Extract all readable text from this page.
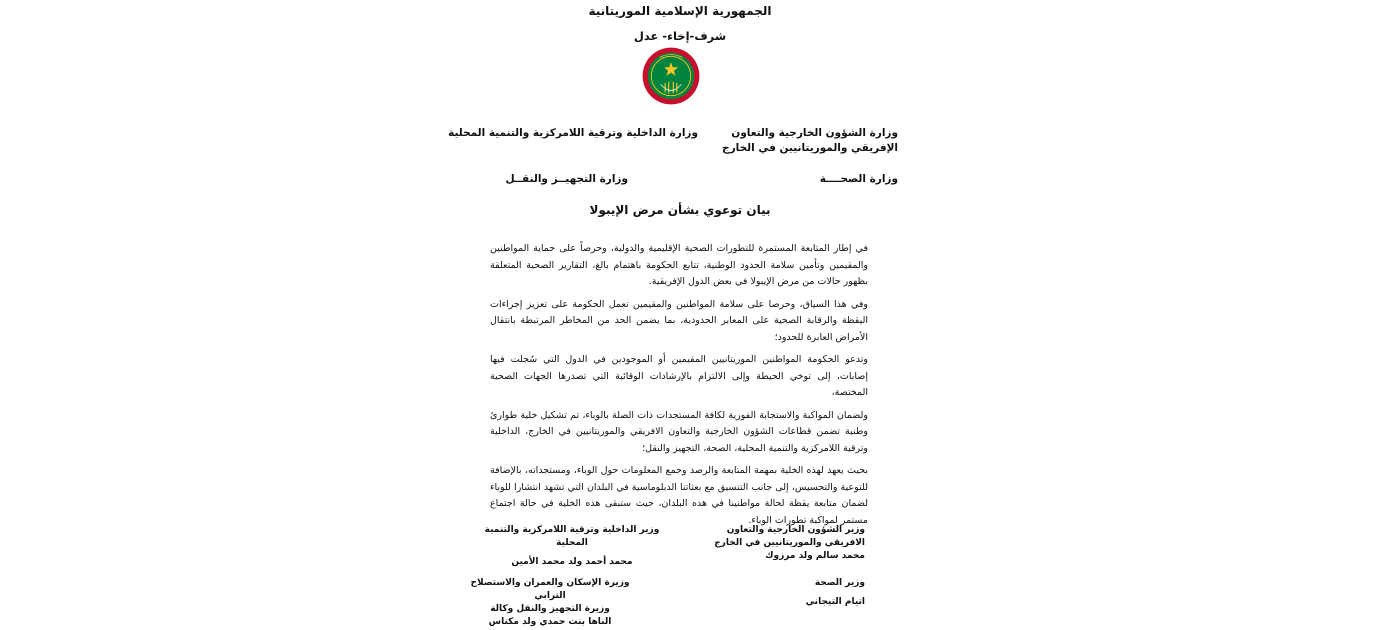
الجمهورية الإسلامية الموريتانية
شرف-إخاء- عدل
وزارة الشؤون الخارجية والتعاون الإفريقي والموريتانيين في الخارج
وزارة الداخلية وترقية اللامركزية والتنمية المحلية
وزارة الصحــــة
وزارة التجهيــز والنقــل
بيان توعوي بشأن مرض الإيبولا

في إطار المتابعة المستمرة للتطورات الصحية الإقليمية والدولية، وحرصاً على حماية المواطنين والمقيمين وتأمين سلامة الحدود الوطنية، تتابع الحكومة باهتمام بالغ، التقارير الصحية المتعلقة بظهور حالات من مرض الإيبولا في بعض الدول الإفريقية.

وفي هذا السياق، وحرصا على سلامة المواطنين والمقيمين تعمل الحكومة على تعزيز إجراءات اليقظة والرقابة الصحية على المعابر الحدودية، بما يضمن الحد من المخاطر المرتبطة بانتقال الأمراض العابرة للحدود؛

وتدعو الحكومة المواطنين الموريتانيين المقيمين أو الموجودين في الدول التي سُجلت فيها إصابات، إلى توخي الحيطة وإلى الالتزام بالإرشادات الوقائية التي تصدرها الجهات الصحية المختصة،

ولضمان المواكبة والاستجابة الفورية لكافة المستجدات ذات الصلة بالوباء، تم تشكيل خلية طوارئ وطنية تضمن قطاعات الشؤون الخارجية والتعاون الافريقي والموريتانيين في الخارج، الداخلية وترقية اللامركزية والتنمية المحلية، الصحة، التجهيز والنقل؛

بحيث يعهد لهذه الخلية بمهمة المتابعة والرصد وجمع المعلومات حول الوباء، ومستجداته، بالإضافة للتوعية والتحسيس، إلى جانب التنسيق مع بعثاتنا الدبلوماسية في البلدان التي تشهد انتشارا للوباء لضمان متابعة يقظة لحالة مواطنينا في هذه البلدان، حيث ستبقى هذه الخلية في حالة اجتماع مستمر لمواكبة تطورات الوباء.

وزير الشؤون الخارجية والتعاون الافريقي والموريتانيين في الخارج
محمد سالم ولد مرزوك
وزير الداخلية وترقية اللامركزية والتنمية المحلية
محمد أحمد ولد محمد الأمين
وزير الصحة
اتيام التيجاني
وزيرة الإسكان والعمران والاستصلاح الترابي
وزيرة التجهيز والنقل وكالة
الناها بنت حمدي ولد مكناس
